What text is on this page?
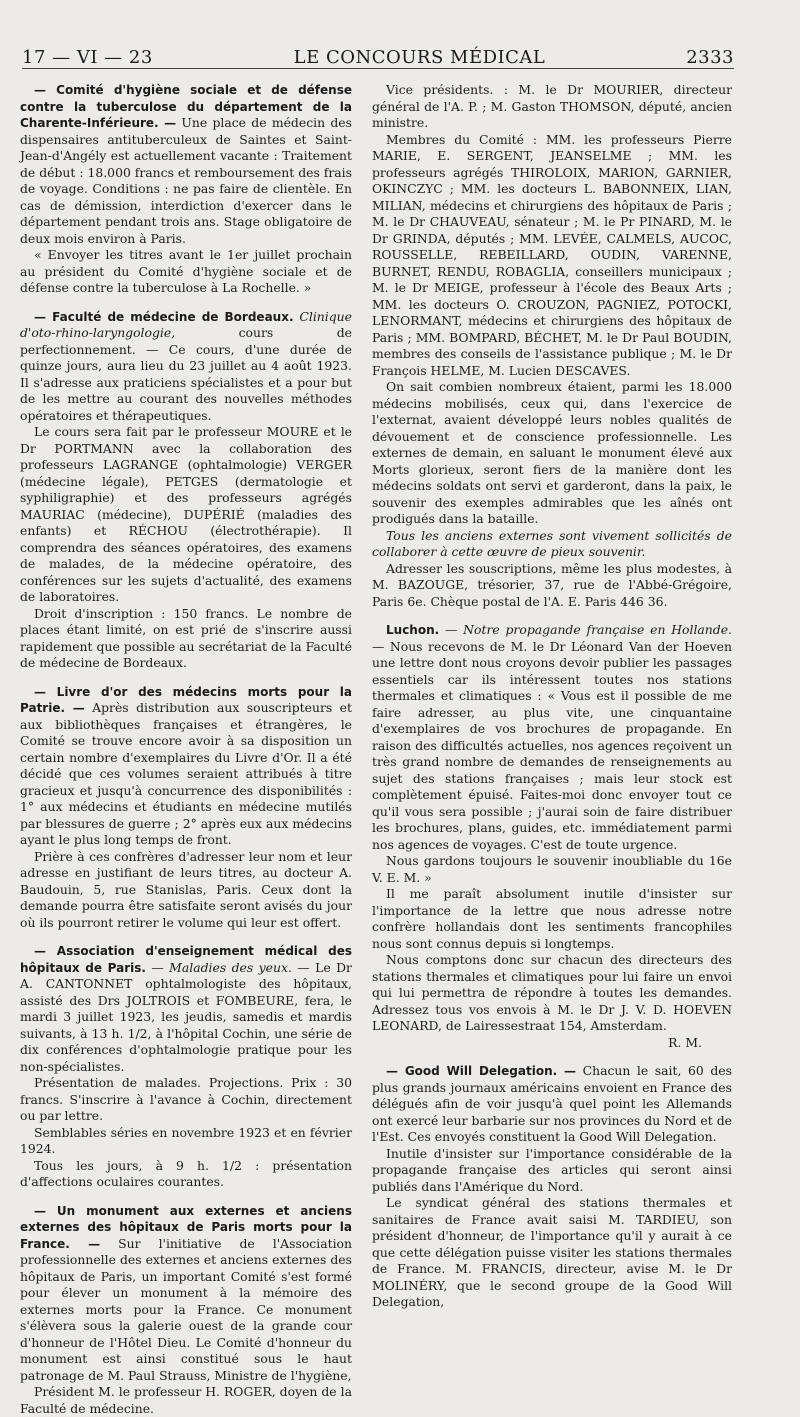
17 — VI — 23	LE CONCOURS MÉDICAL	2333

— Comité d'hygiène sociale et de défense contre la tuberculose du département de la Charente-Inférieure. — Une place de médecin des dispensaires antituberculeux de Saintes et Saint-Jean-d'Angély est actuellement vacante : Traitement de début : 18.000 francs et remboursement des frais de voyage. Conditions : ne pas faire de clientèle. En cas de démission, interdiction d'exercer dans le département pendant trois ans. Stage obligatoire de deux mois environ à Paris.

« Envoyer les titres avant le 1er juillet prochain au président du Comité d'hygiène sociale et de défense contre la tuberculose à La Rochelle. »

— Faculté de médecine de Bordeaux. Clinique d'oto-rhino-laryngologie,	cours de perfectionnement. — Ce cours, d'une durée de quinze jours, aura lieu du 23 juillet au 4 août 1923. Il s'adresse aux praticiens spécialistes et a pour but de les mettre au courant des nouvelles méthodes opératoires et thérapeutiques.

Le cours sera fait par le professeur MOURE et le Dr PORTMANN avec la collaboration des professeurs LAGRANGE (ophtalmologie) VERGER (médecine légale), PETGES (dermatologie et syphiligraphie) et des professeurs agrégés MAURIAC (médecine), DUPÉRIÉ (maladies des enfants) et RÉCHOU (électrothérapie). Il comprendra des séances opératoires, des examens de malades, de la médecine opératoire, des conférences sur les sujets d'actualité, des examens de laboratoires.

Droit d'inscription : 150 francs. Le nombre de places étant limité, on est prié de s'inscrire aussi rapidement que possible au secrétariat de la Faculté de médecine de Bordeaux.

— Livre d'or des médecins morts pour la Patrie. — Après distribution aux souscripteurs et aux bibliothèques françaises et étrangères, le Comité se trouve encore avoir à sa disposition un certain nombre d'exemplaires du Livre d'Or. Il a été décidé que ces volumes seraient attribués à titre gracieux et jusqu'à concurrence des disponibilités : 1° aux médecins et étudiants en médecine mutilés par blessures de guerre ; 2° après eux aux médecins ayant le plus long temps de front.

Prière à ces confrères d'adresser leur nom et leur adresse en justifiant de leurs titres, au docteur A. Baudouin, 5, rue Stanislas, Paris. Ceux dont la demande pourra être satisfaite seront avisés du jour où ils pourront retirer le volume qui leur est offert.

— Association d'enseignement médical des hôpitaux de Paris. — Maladies des yeux. — Le Dr A. CANTONNET ophtalmologiste des hôpitaux, assisté des Drs JOLTROIS et FOMBEURE, fera, le mardi 3 juillet 1923, les jeudis, samedis et mardis suivants, à 13 h. 1/2, à l'hôpital Cochin, une série de dix conférences d'ophtalmologie pratique pour les non-spécialistes.

Présentation de malades. Projections. Prix : 30 francs. S'inscrire à l'avance à Cochin, directement ou par lettre.

Semblables séries en novembre 1923 et en février 1924.

Tous les jours, à 9 h. 1/2 : présentation d'affections oculaires courantes.

— Un monument aux externes et anciens externes des hôpitaux de Paris morts pour la France. — Sur l'initiative de l'Association professionnelle des externes et anciens externes des hôpitaux de Paris, un important Comité s'est formé pour élever un monument à la mémoire des externes morts pour la France. Ce monument s'élèvera sous la galerie ouest de la grande cour d'honneur de l'Hôtel Dieu. Le Comité d'honneur du monument est ainsi constitué sous le haut patronage de M. Paul Strauss, Ministre de l'hygiène,

Président M. le professeur H. ROGER, doyen de la Faculté de médecine.

Vice présidents. : M. le Dr MOURIER, directeur général de l'A. P. ; M. Gaston THOMSON, député, ancien ministre.

Membres du Comité : MM. les professeurs Pierre MARIE, E. SERGENT, JEANSELME ; MM. les professeurs agrégés THIROLOIX, MARION, GARNIER, OKINCZYC ; MM. les docteurs L. BABONNEIX, LIAN, MILIAN, médecins et chirurgiens des hôpitaux de Paris ; M. le Dr CHAUVEAU, sénateur ; M. le Pr PINARD, M. le Dr GRINDA, députés ; MM. LEVÉE, CALMELS, AUCOC, ROUSSELLE, REBEILLARD, OUDIN, VARENNE, BURNET, RENDU, ROBAGLIA, conseillers municipaux ; M. le Dr MEIGE, professeur à l'école des Beaux Arts ; MM. les docteurs O. CROUZON, PAGNIEZ, POTOCKI, LENORMANT, médecins et chirurgiens des hôpitaux de Paris ; MM. BOMPARD, BÉCHET, M. le Dr Paul BOUDIN, membres des conseils de l'assistance publique ; M. le Dr François HELME, M. Lucien DESCAVES.

On sait combien nombreux étaient, parmi les 18.000 médecins mobilisés, ceux qui, dans l'exercice de l'externat, avaient développé leurs nobles qualités de dévouement et de conscience professionnelle. Les externes de demain, en saluant le monument élevé aux Morts glorieux, seront fiers de la manière dont les médecins soldats ont servi et garderont, dans la paix, le souvenir des exemples admirables que les aînés ont prodigués dans la bataille.

Tous les anciens externes sont vivement sollicités de collaborer à cette œuvre de pieux souvenir.

Adresser les souscriptions, même les plus modestes, à M. BAZOUGE, trésorier, 37, rue de l'Abbé-Grégoire, Paris 6e. Chèque postal de l'A. E. Paris 446 36.

Luchon. — Notre propagande française en Hollande. — Nous recevons de M. le Dr Léonard Van der Hoeven une lettre dont nous croyons devoir publier les passages essentiels car ils intéressent toutes nos stations thermales et climatiques : « Vous est il possible de me faire adresser, au plus vite, une cinquantaine d'exemplaires de vos brochures de propagande. En raison des difficultés actuelles, nos agences reçoivent un très grand nombre de demandes de renseignements au sujet des stations françaises ; mais leur stock est complètement épuisé. Faites-moi donc envoyer tout ce qu'il vous sera possible ; j'aurai soin de faire distribuer les brochures, plans, guides, etc. immédiatement parmi nos agences de voyages. C'est de toute urgence.

Nous gardons toujours le souvenir inoubliable du 16e V. E. M. »

Il me paraît absolument inutile d'insister sur l'importance de la lettre que nous adresse notre confrère hollandais dont les sentiments francophiles nous sont connus depuis si longtemps.

Nous comptons donc sur chacun des directeurs des stations thermales et climatiques pour lui faire un envoi qui lui permettra de répondre à toutes les demandes. Adressez tous vos envois à M. le Dr J. V. D. HOEVEN LEONARD, de Lairessestraat 154, Amsterdam.

R. M.

— Good Will Delegation. — Chacun le sait, 60 des plus grands journaux américains envoient en France des délégués afin de voir jusqu'à quel point les Allemands ont exercé leur barbarie sur nos provinces du Nord et de l'Est. Ces envoyés constituent la Good Will Delegation.

Inutile d'insister sur l'importance considérable de la propagande française des articles qui seront ainsi publiés dans l'Amérique du Nord.

Le syndicat général des stations thermales et sanitaires de France avait saisi M. TARDIEU, son président d'honneur, de l'importance qu'il y aurait à ce que cette délégation puisse visiter les stations thermales de France. M. FRANCIS, directeur, avise M. le Dr MOLINÉRY, que le second groupe de la Good Will Delegation,
